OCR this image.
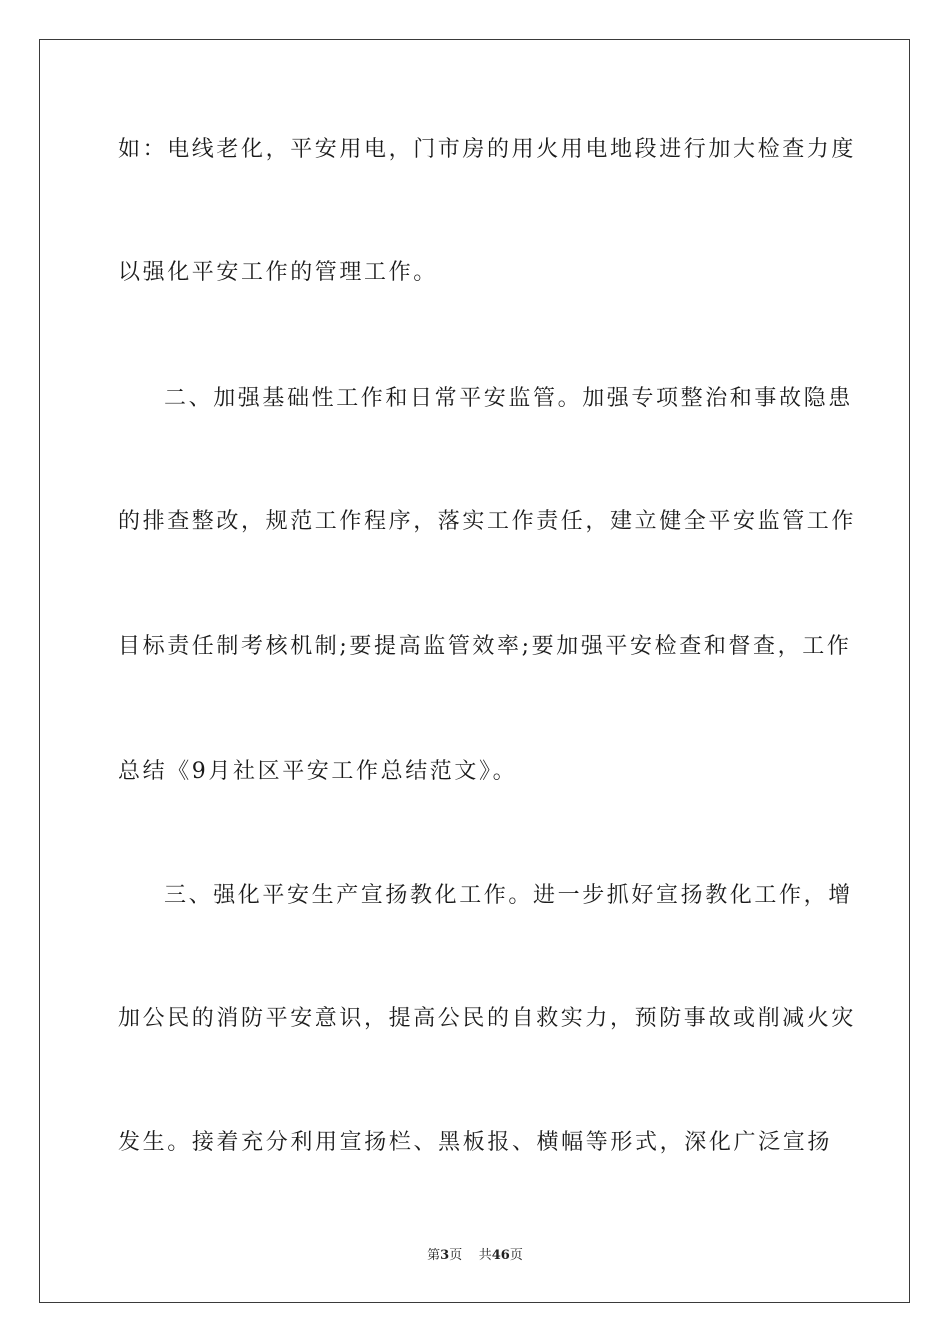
如：电线老化，平安用电，门市房的用火用电地段进行加大检查力度
以强化平安工作的管理工作。
二、加强基础性工作和日常平安监管。加强专项整治和事故隐患
的排查整改，规范工作程序，落实工作责任，建立健全平安监管工作
目标责任制考核机制;要提高监管效率;要加强平安检查和督查，工作
总结《9月社区平安工作总结范文》。
三、强化平安生产宣扬教化工作。进一步抓好宣扬教化工作，增
加公民的消防平安意识，提高公民的自救实力，预防事故或削减火灾
发生。接着充分利用宣扬栏、黑板报、横幅等形式，深化广泛宣扬
第3页 共46页
